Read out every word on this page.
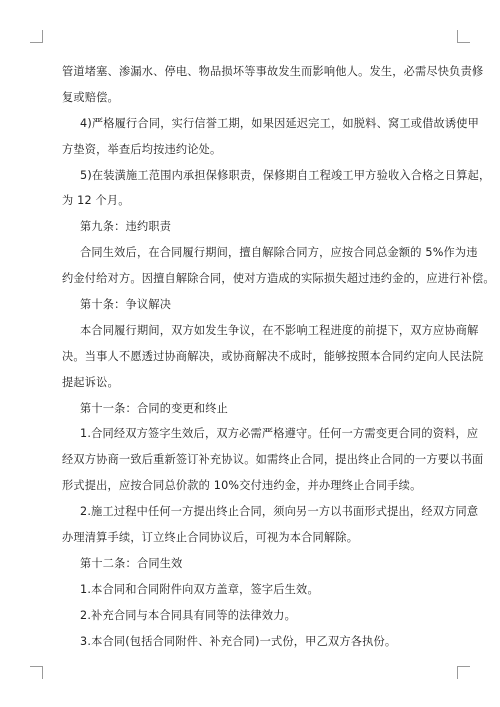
管道堵塞、渗漏水、停电、物品损坏等事故发生而影响他人。发生，必需尽快负责修
复或赔偿。
4)严格履行合同，实行信誉工期，如果因延迟完工，如脱料、窝工或借故诱使甲
方垫资，举查后均按违约论处。
5)在装潢施工范围内承担保修职责，保修期自工程竣工甲方验收入合格之日算起，
为 12 个月。
第九条：违约职责
合同生效后，在合同履行期间，擅自解除合同方，应按合同总金额的 5%作为违
约金付给对方。因擅自解除合同，使对方造成的实际损失超过违约金的，应进行补偿。
第十条：争议解决
本合同履行期间，双方如发生争议，在不影响工程进度的前提下，双方应协商解
决。当事人不愿透过协商解决，或协商解决不成时，能够按照本合同约定向人民法院
提起诉讼。
第十一条：合同的变更和终止
1.合同经双方签字生效后，双方必需严格遵守。任何一方需变更合同的资料，应
经双方协商一致后重新签订补充协议。如需终止合同，提出终止合同的一方要以书面
形式提出，应按合同总价款的 10%交付违约金，并办理终止合同手续。
2.施工过程中任何一方提出终止合同，须向另一方以书面形式提出，经双方同意
办理清算手续，订立终止合同协议后，可视为本合同解除。
第十二条：合同生效
1.本合同和合同附件向双方盖章，签字后生效。
2.补充合同与本合同具有同等的法律效力。
3.本合同(包括合同附件、补充合同)一式份，甲乙双方各执份。
